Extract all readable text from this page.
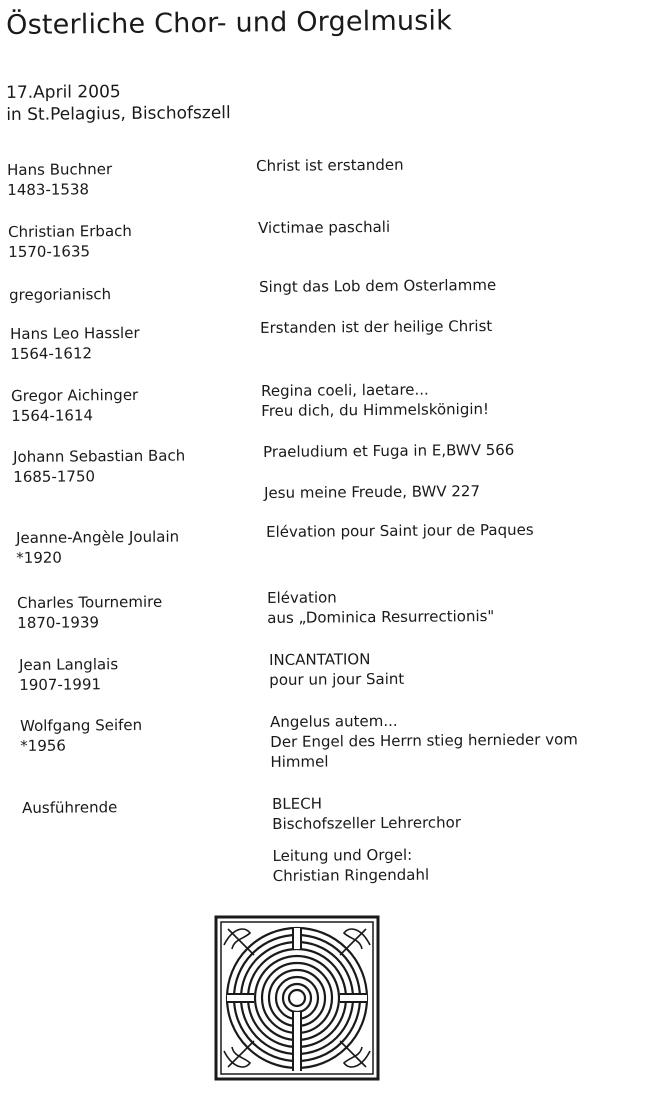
Österliche Chor- und Orgelmusik
17.April 2005
in St.Pelagius, Bischofszell
Hans Buchner
1483-1538
Christ ist erstanden
Christian Erbach
1570-1635
Victimae paschali
gregorianisch	Singt das Lob dem Osterlamme
Hans Leo Hassler
1564-1612
Erstanden ist der heilige Christ
Gregor Aichinger
1564-1614
Regina coeli, laetare...
Freu dich, du Himmelskönigin!
Johann Sebastian Bach
1685-1750
Praeludium et Fuga in E,BWV 566
Jesu meine Freude, BWV 227
Jeanne-Angèle Joulain
*1920
Elévation pour Saint jour de Paques
Charles Tournemire
1870-1939
Elévation
aus „Dominica Resurrectionis"
Jean Langlais
1907-1991
INCANTATION
pour un jour Saint
Wolfgang Seifen
*1956
Angelus autem...
Der Engel des Herrn stieg hernieder vom
Himmel
Ausführende	BLECH
Bischofszeller Lehrerchor
Leitung und Orgel:
Christian Ringendahl
